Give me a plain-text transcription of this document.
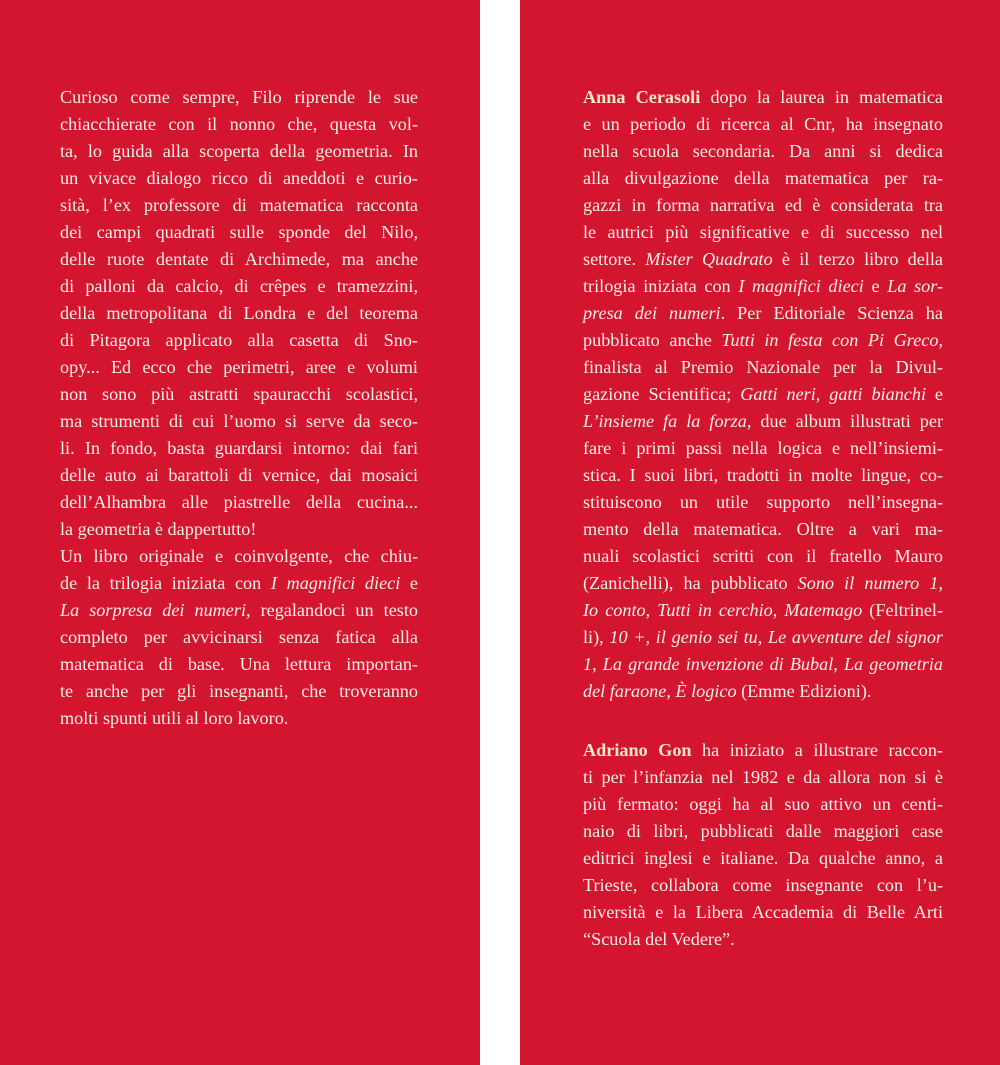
Curioso come sempre, Filo riprende le sue
chiacchierate con il nonno che, questa vol-
ta, lo guida alla scoperta della geometria. In
un vivace dialogo ricco di aneddoti e curio-
sità, l’ex professore di matematica racconta
dei campi quadrati sulle sponde del Nilo,
delle ruote dentate di Archimede, ma anche
di palloni da calcio, di crêpes e tramezzini,
della metropolitana di Londra e del teorema
di Pitagora applicato alla casetta di Sno-
opy... Ed ecco che perimetri, aree e volumi
non sono più astratti spauracchi scolastici,
ma strumenti di cui l’uomo si serve da seco-
li. In fondo, basta guardarsi intorno: dai fari
delle auto ai barattoli di vernice, dai mosaici
dell’Alhambra alle piastrelle della cucina...
la geometria è dappertutto!
Un libro originale e coinvolgente, che chiu-
de la trilogia iniziata con I magnifici dieci e
La sorpresa dei numeri, regalandoci un testo
completo per avvicinarsi senza fatica alla
matematica di base. Una lettura importan-
te anche per gli insegnanti, che troveranno
molti spunti utili al loro lavoro.
Anna Cerasoli dopo la laurea in matematica
e un periodo di ricerca al Cnr, ha insegnato
nella scuola secondaria. Da anni si dedica
alla divulgazione della matematica per ra-
gazzi in forma narrativa ed è considerata tra
le autrici più significative e di successo nel
settore. Mister Quadrato è il terzo libro della
trilogia iniziata con I magnifici dieci e La sor-
presa dei numeri. Per Editoriale Scienza ha
pubblicato anche Tutti in festa con Pi Greco,
finalista al Premio Nazionale per la Divul-
gazione Scientifica; Gatti neri, gatti bianchi e
L’insieme fa la forza, due album illustrati per
fare i primi passi nella logica e nell’insiemi-
stica. I suoi libri, tradotti in molte lingue, co-
stituiscono un utile supporto nell’insegna-
mento della matematica. Oltre a vari ma-
nuali scolastici scritti con il fratello Mauro
(Zanichelli), ha pubblicato Sono il numero 1,
Io conto, Tutti in cerchio, Matemago (Feltrinel-
li), 10 +, il genio sei tu, Le avventure del signor
1, La grande invenzione di Bubal, La geometria
del faraone, È logico (Emme Edizioni).
Adriano Gon ha iniziato a illustrare raccon-
ti per l’infanzia nel 1982 e da allora non si è
più fermato: oggi ha al suo attivo un centi-
naio di libri, pubblicati dalle maggiori case
editrici inglesi e italiane. Da qualche anno, a
Trieste, collabora come insegnante con l’u-
niversità e la Libera Accademia di Belle Arti
“Scuola del Vedere”.
